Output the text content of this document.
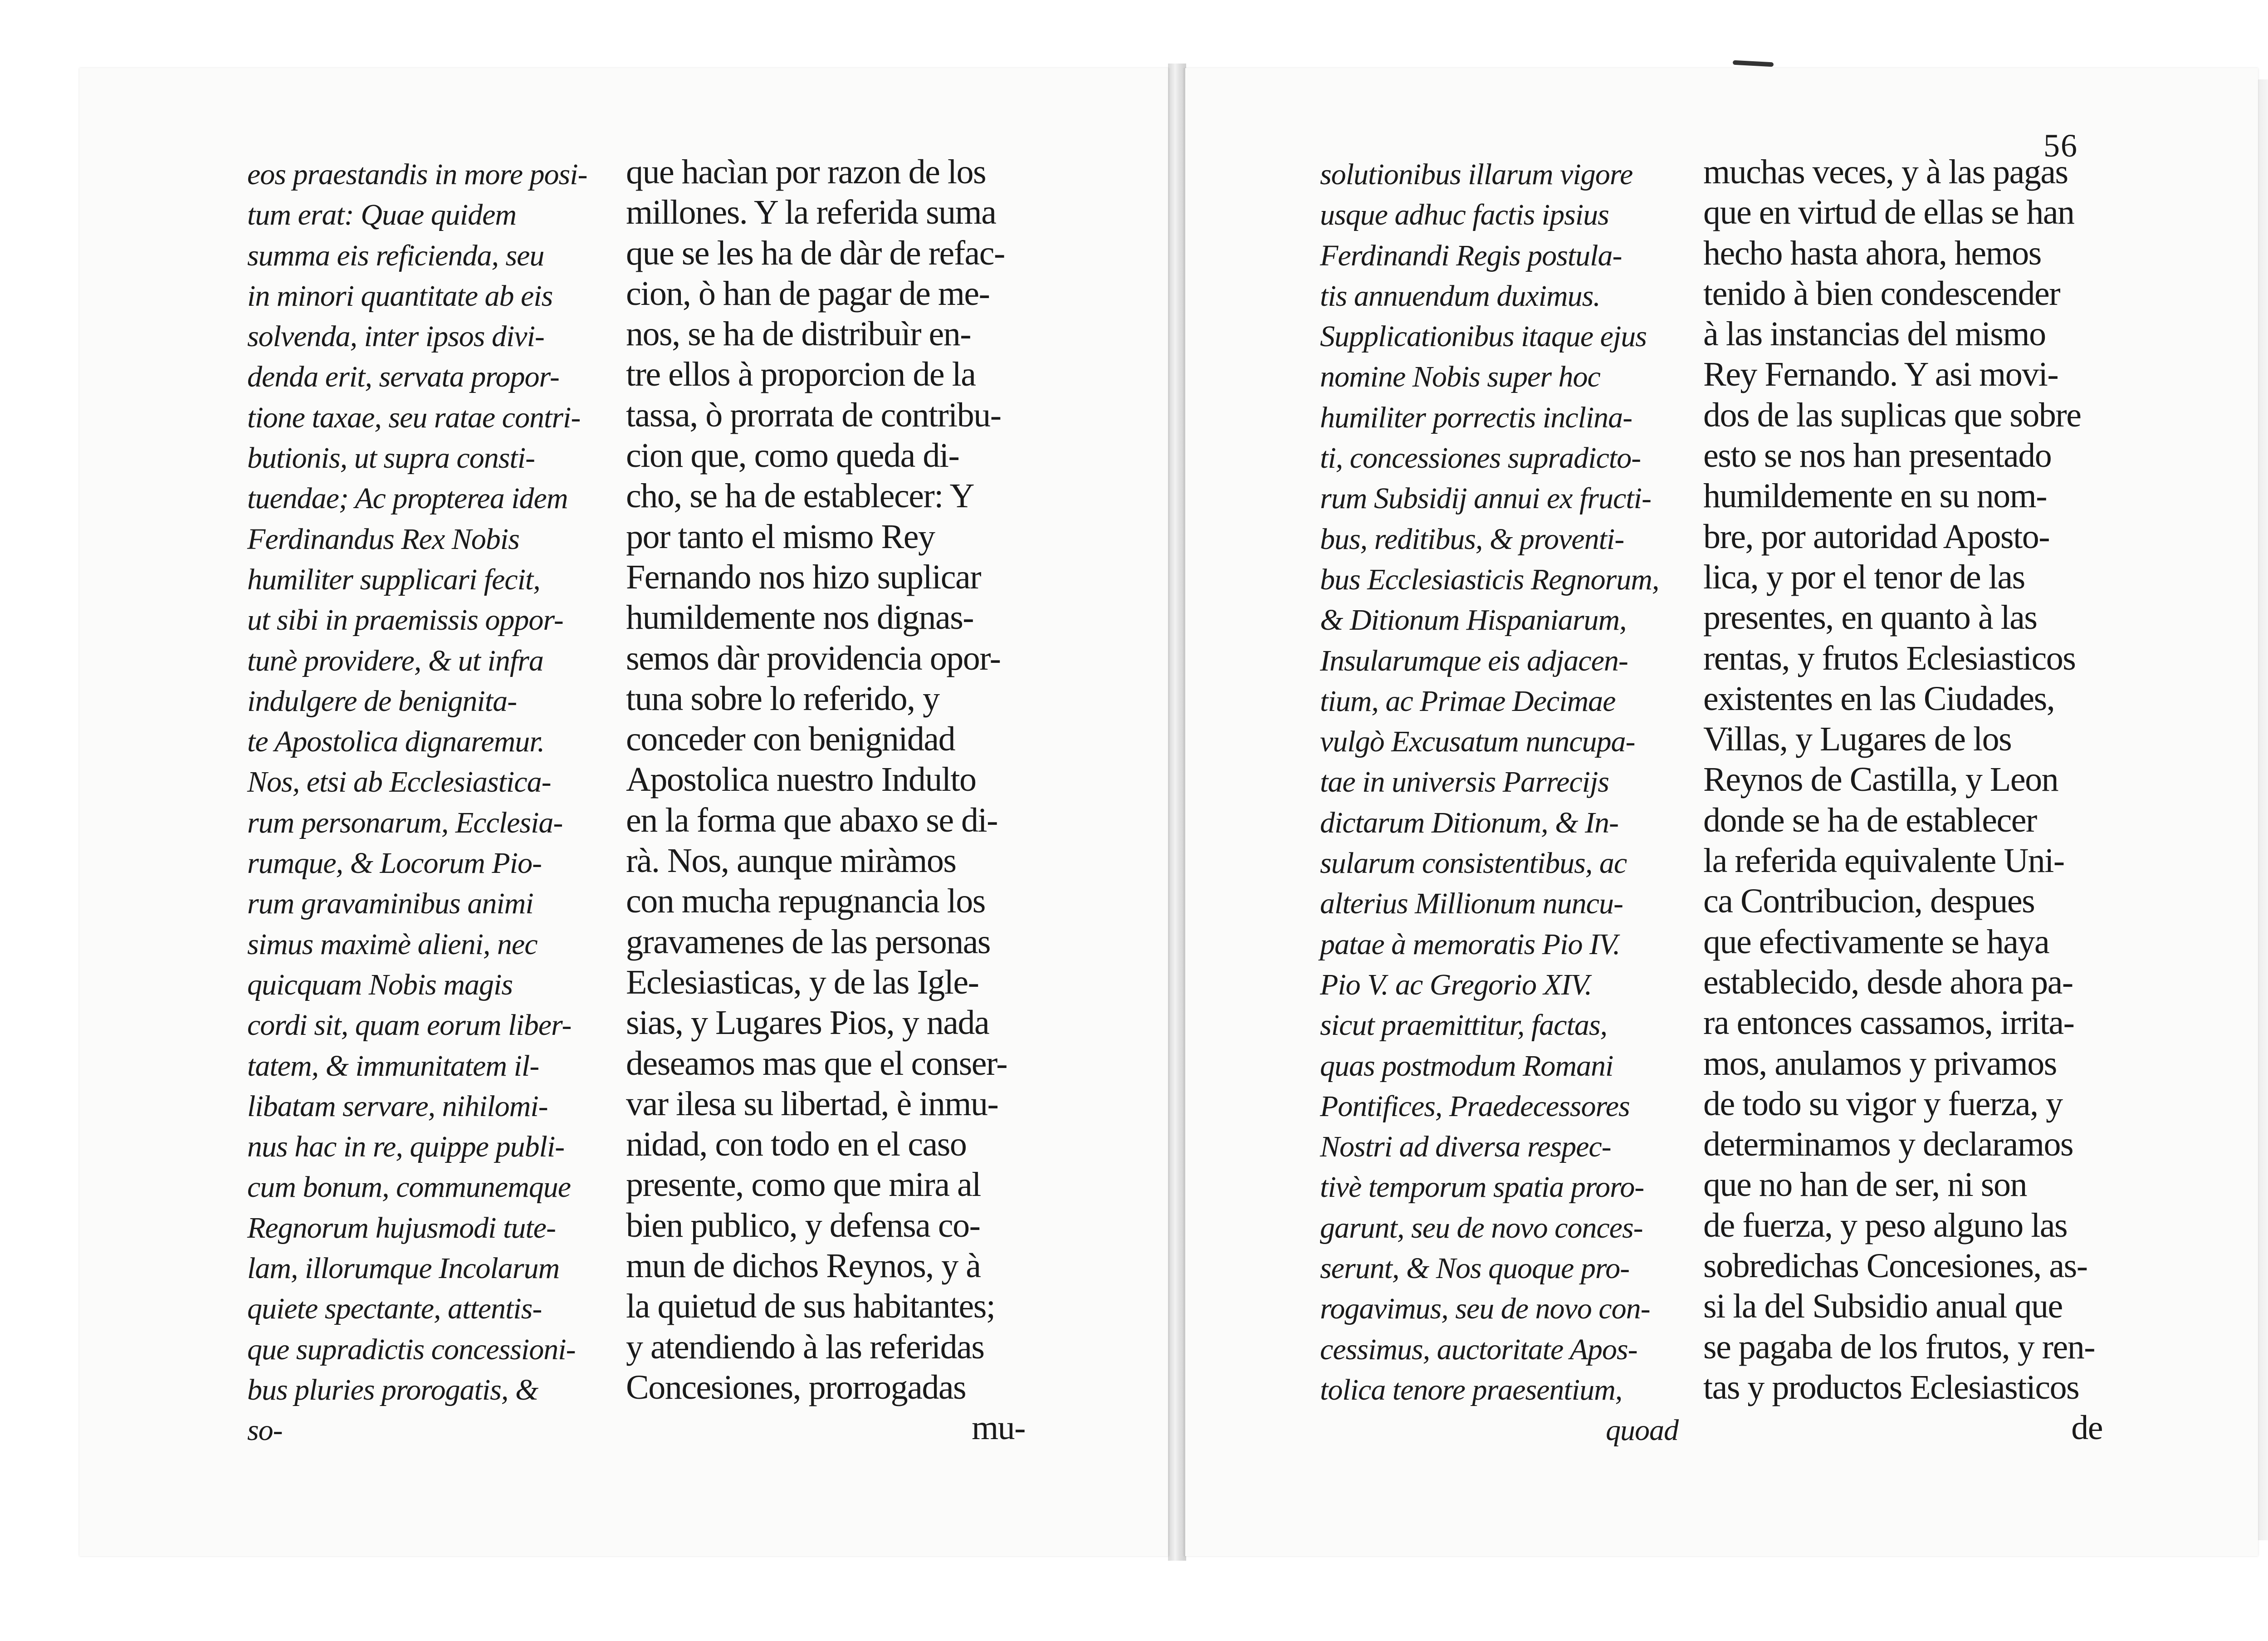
56
eos praestandis in more posi-
tum erat: Quae quidem
summa eis reficienda, seu
in minori quantitate ab eis
solvenda, inter ipsos divi-
denda erit, servata propor-
tione taxae, seu ratae contri-
butionis, ut supra consti-
tuendae; Ac propterea idem
Ferdinandus Rex Nobis
humiliter supplicari fecit,
ut sibi in praemissis oppor-
tunè providere, & ut infra
indulgere de benignita-
te Apostolica dignaremur.
Nos, etsi ab Ecclesiastica-
rum personarum, Ecclesia-
rumque, & Locorum Pio-
rum gravaminibus animi
simus maximè alieni, nec
quicquam Nobis magis
cordi sit, quam eorum liber-
tatem, & immunitatem il-
libatam servare, nihilomi-
nus hac in re, quippe publi-
cum bonum, communemque
Regnorum hujusmodi tute-
lam, illorumque Incolarum
quiete spectante, attentis-
que supradictis concessioni-
bus pluries prorogatis, &
so-
que hacìan por razon de los
millones. Y la referida suma
que se les ha de dàr de refac-
cion, ò han de pagar de me-
nos, se ha de distribuìr en-
tre ellos à proporcion de la
tassa, ò prorrata de contribu-
cion que, como queda di-
cho, se ha de establecer: Y
por tanto el mismo Rey
Fernando nos hizo suplicar
humildemente nos dignas-
semos dàr providencia opor-
tuna sobre lo referido, y
conceder con benignidad
Apostolica nuestro Indulto
en la forma que abaxo se di-
rà. Nos, aunque miràmos
con mucha repugnancia los
gravamenes de las personas
Eclesiasticas, y de las Igle-
sias, y Lugares Pios, y nada
deseamos mas que el conser-
var ilesa su libertad, è inmu-
nidad, con todo en el caso
presente, como que mira al
bien publico, y defensa co-
mun de dichos Reynos, y à
la quietud de sus habitantes;
y atendiendo à las referidas
Concesiones, prorrogadas
mu-
solutionibus illarum vigore
usque adhuc factis ipsius
Ferdinandi Regis postula-
tis annuendum duximus.
Supplicationibus itaque ejus
nomine Nobis super hoc
humiliter porrectis inclina-
ti, concessiones supradicto-
rum Subsidij annui ex fructi-
bus, reditibus, & proventi-
bus Ecclesiasticis Regnorum,
& Ditionum Hispaniarum,
Insularumque eis adjacen-
tium, ac Primae Decimae
vulgò Excusatum nuncupa-
tae in universis Parrecijs
dictarum Ditionum, & In-
sularum consistentibus, ac
alterius Millionum nuncu-
patae à memoratis Pio IV.
Pio V. ac Gregorio XIV.
sicut praemittitur, factas,
quas postmodum Romani
Pontifices, Praedecessores
Nostri ad diversa respec-
tivè temporum spatia proro-
garunt, seu de novo conces-
serunt, & Nos quoque pro-
rogavimus, seu de novo con-
cessimus, auctoritate Apos-
tolica tenore praesentium,
quoad
muchas veces, y à las pagas
que en virtud de ellas se han
hecho hasta ahora, hemos
tenido à bien condescender
à las instancias del mismo
Rey Fernando. Y asi movi-
dos de las suplicas que sobre
esto se nos han presentado
humildemente en su nom-
bre, por autoridad Aposto-
lica, y por el tenor de las
presentes, en quanto à las
rentas, y frutos Eclesiasticos
existentes en las Ciudades,
Villas, y Lugares de los
Reynos de Castilla, y Leon
donde se ha de establecer
la referida equivalente Uni-
ca Contribucion, despues
que efectivamente se haya
establecido, desde ahora pa-
ra entonces cassamos, irrita-
mos, anulamos y privamos
de todo su vigor y fuerza, y
determinamos y declaramos
que no han de ser, ni son
de fuerza, y peso alguno las
sobredichas Concesiones, as-
si la del Subsidio anual que
se pagaba de los frutos, y ren-
tas y productos Eclesiasticos
de
